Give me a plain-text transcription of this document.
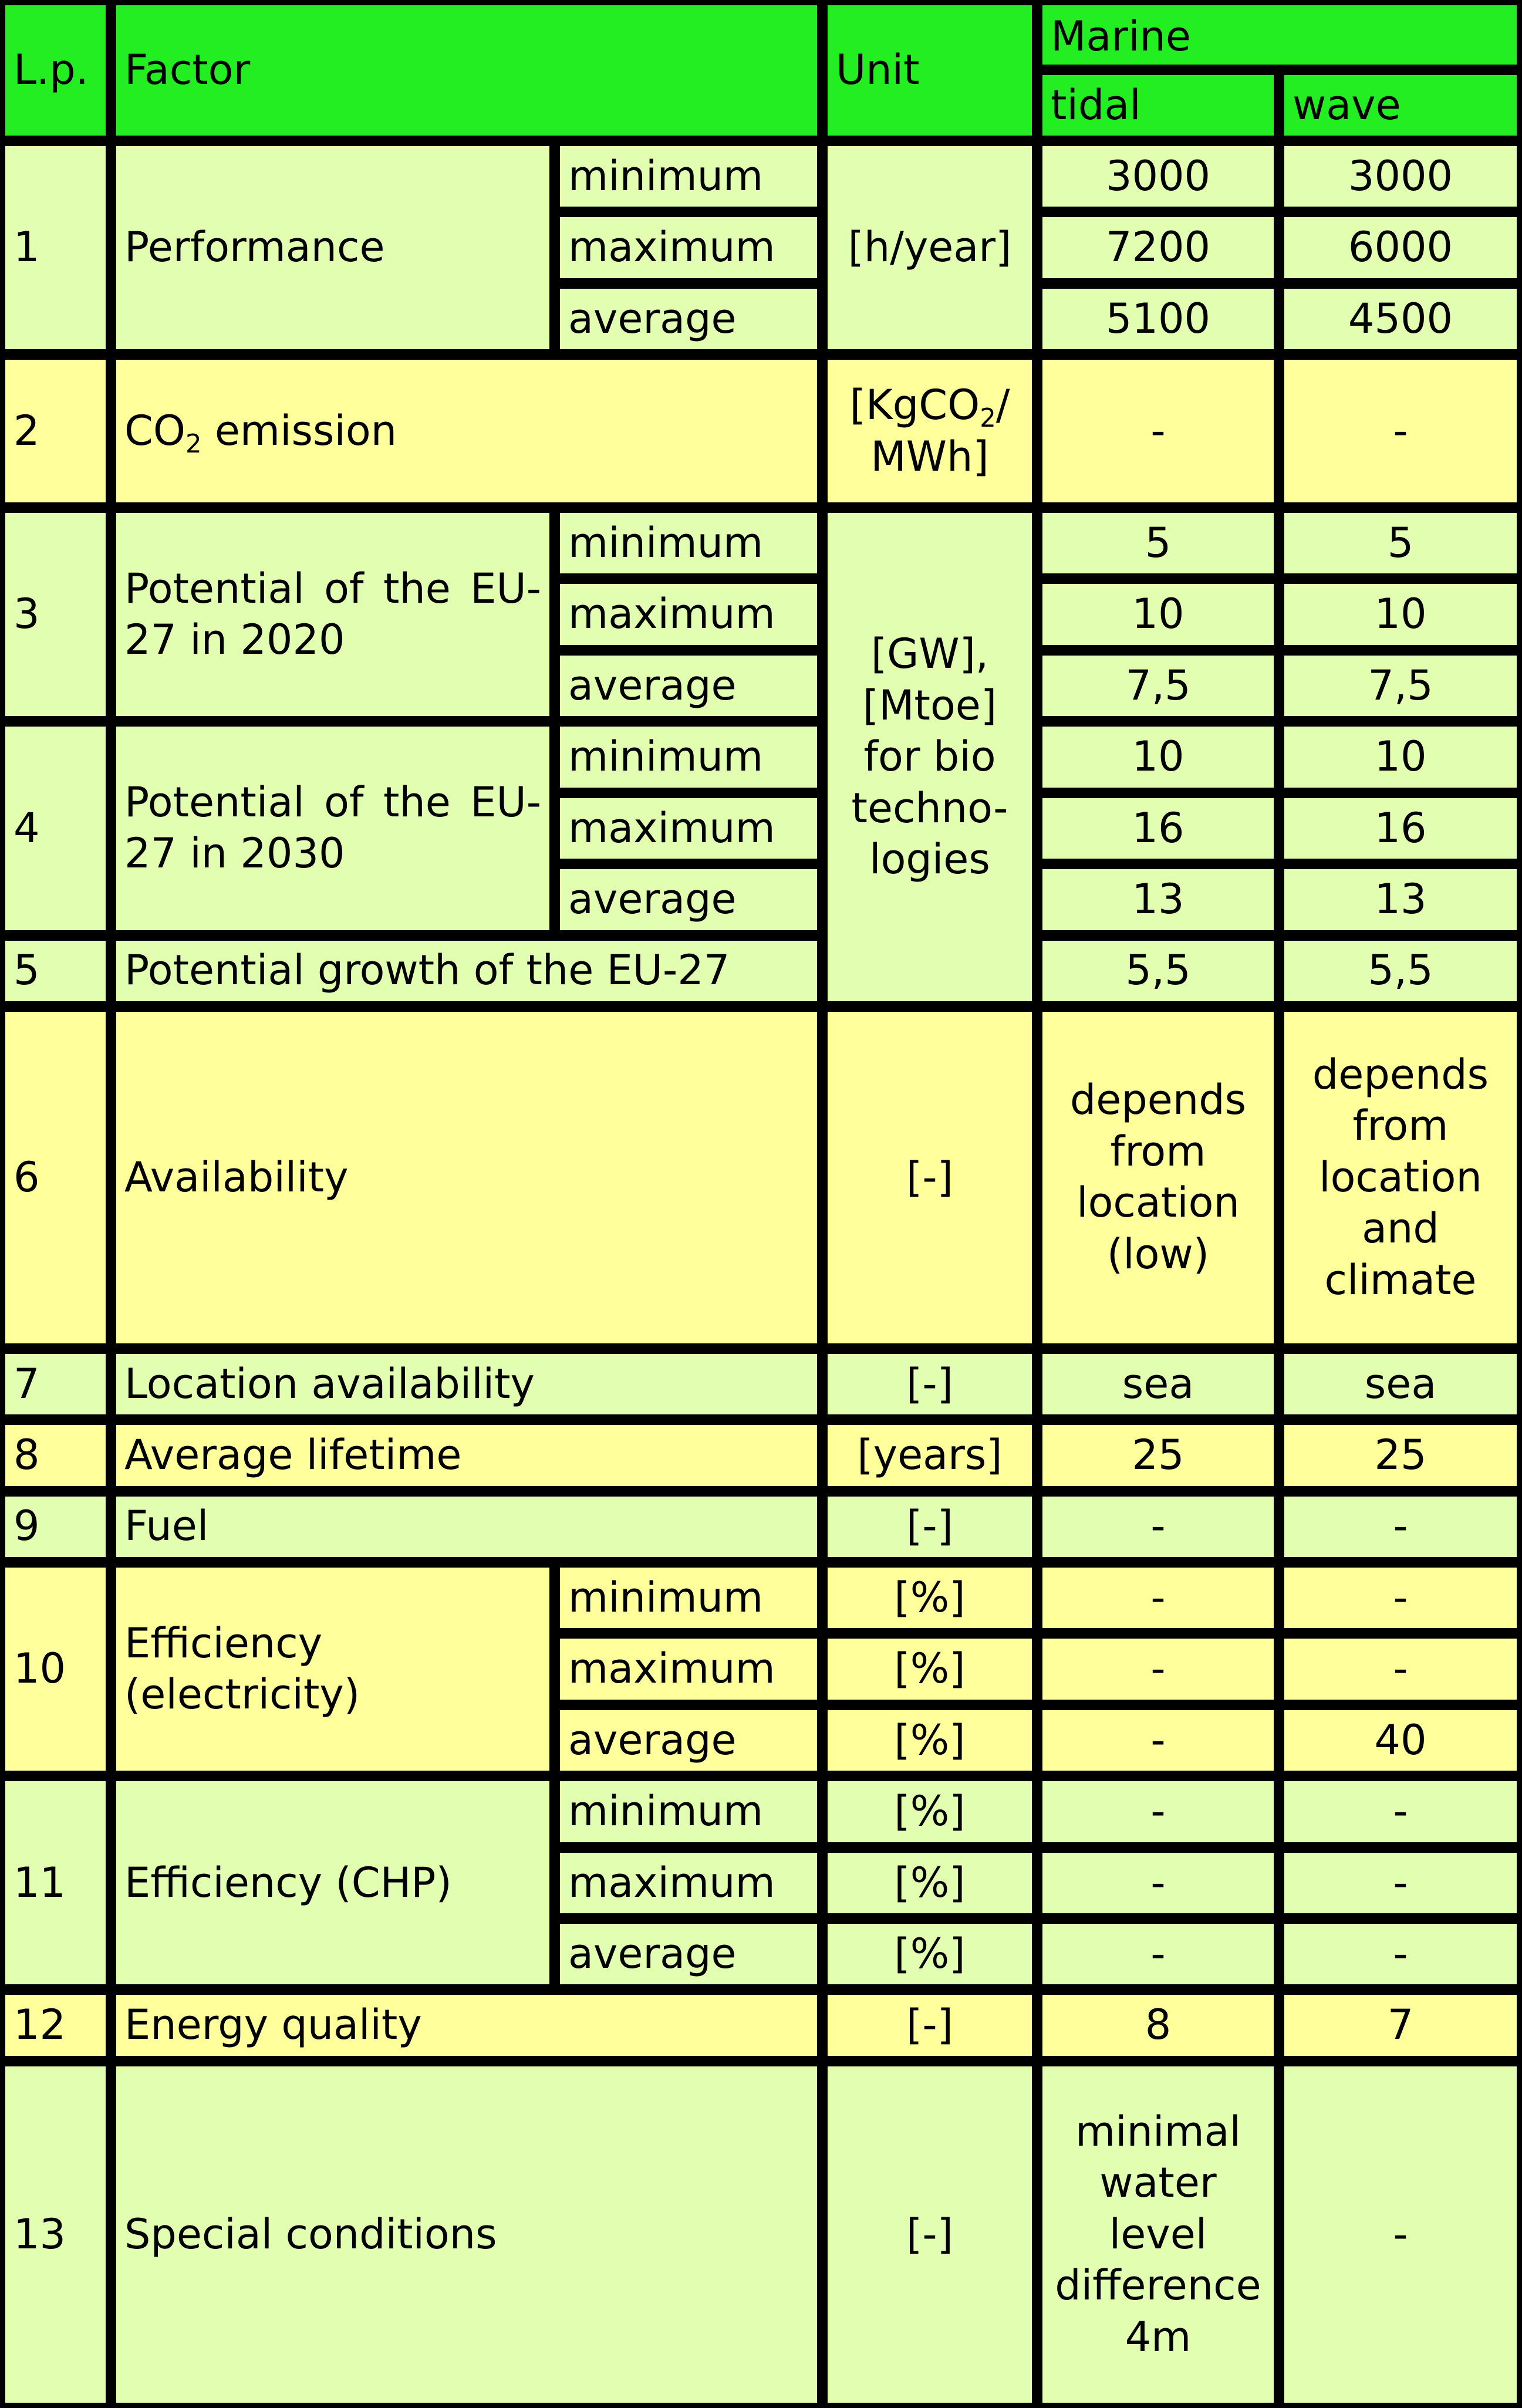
L.p.	Factor		Unit	Marine	
				tidal	wave
1	Performance	minimum	[h/year]	3000	3000
		maximum		7200	6000
		average		5100	4500
2	$CO_2$ emission		[KgCO$_2$/ MWh]	-	-
3	Potential of the EU-27 in 2020	minimum	[GW], [Mtoe] for bio techno-logies	5	5
		maximum		10	10
		average		7,5	7,5
4	Potential of the EU-27 in 2030	minimum		10	10
		maximum		16	16
		average		13	13
5	Potential growth of the EU-27			5,5	5,5
6	Availability		[-]	depends from location (low)	depends from location and climate
7	Location availability		[-]	sea	sea
8	Average lifetime		[years]	25	25
9	Fuel		[-]	-	-
10	Efficiency (electricity)	minimum	[%]	-	-
		maximum	[%]	-	-
		average	[%]	-	40
11	Efficiency (CHP)	minimum	[%]	-	-
		maximum	[%]	-	-
		average	[%]	-	-
12	Energy quality		[-]	8	7
13	Special conditions		[-]	minimal water level difference 4m	-
